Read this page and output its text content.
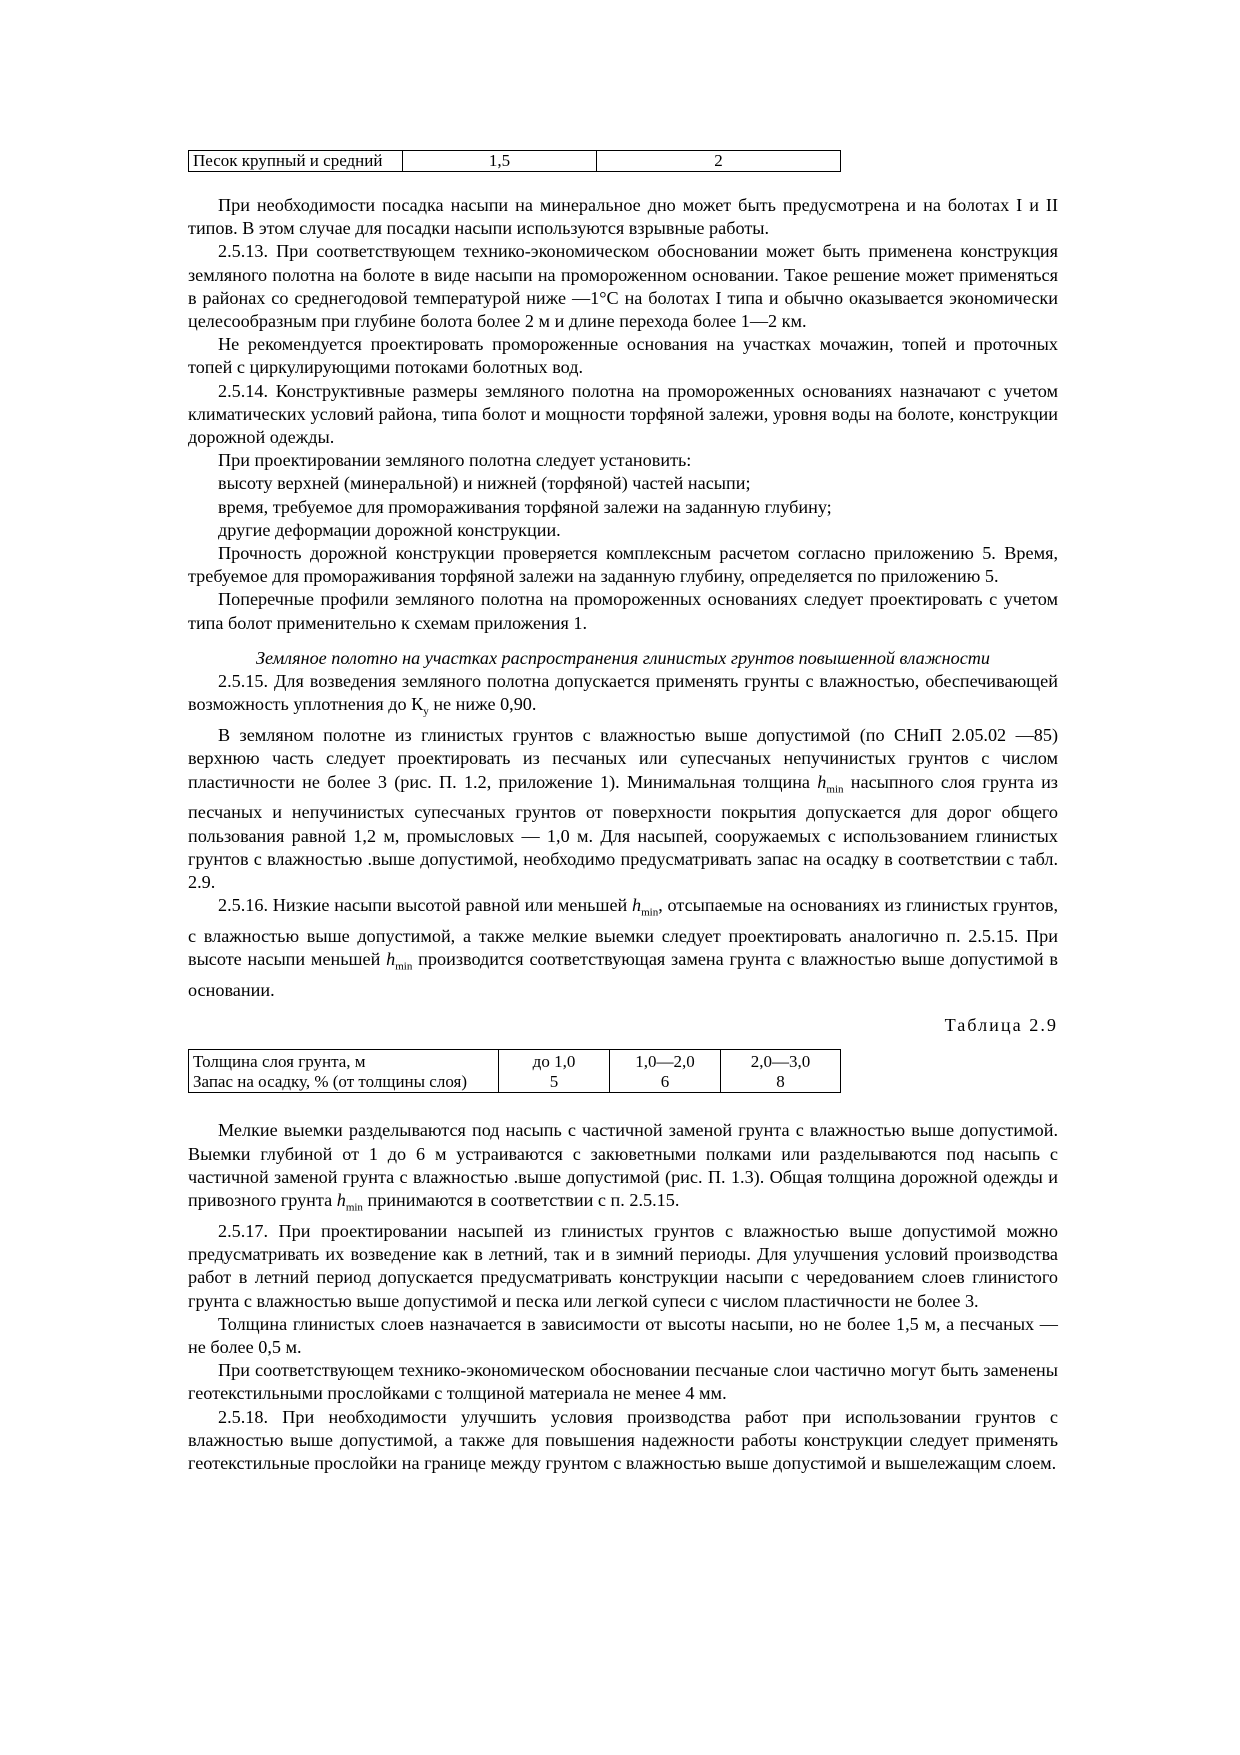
Песок крупный и средний	1,5	2

При необходимости посадка насыпи на минеральное дно может быть предусмотрена и на болотах I и II типов. В этом случае для посадки насыпи используются взрывные работы.

2.5.13. При соответствующем технико-экономическом обосновании может быть применена конструкция земляного полотна на болоте в виде насыпи на промороженном основании. Такое решение может применяться в районах со среднегодовой температурой ниже —1°С на болотах I типа и обычно оказывается экономически целесообразным при глубине болота более 2 м и длине перехода более 1—2 км.

Не рекомендуется проектировать промороженные основания на участках мочажин, топей и проточных топей с циркулирующими потоками болотных вод.

2.5.14. Конструктивные размеры земляного полотна на промороженных основаниях назначают с учетом климатических условий района, типа болот и мощности торфяной залежи, уровня воды на болоте, конструкции дорожной одежды.

При проектировании земляного полотна следует установить:

высоту верхней (минеральной) и нижней (торфяной) частей насыпи;

время, требуемое для промораживания торфяной залежи на заданную глубину;

другие деформации дорожной конструкции.

Прочность дорожной конструкции проверяется комплексным расчетом согласно приложению 5. Время, требуемое для промораживания торфяной залежи на заданную глубину, определяется по приложению 5.

Поперечные профили земляного полотна на промороженных основаниях следует проектировать с учетом типа болот применительно к схемам приложения 1.

Земляное полотно на участках распространения глинистых грунтов повышенной влажности

2.5.15. Для возведения земляного полотна допускается применять грунты с влажностью, обеспечивающей возможность уплотнения до $К_у$ не ниже 0,90.

В земляном полотне из глинистых грунтов с влажностью выше допустимой (по СНиП 2.05.02 —85) верхнюю часть следует проектировать из песчаных или супесчаных непучинистых грунтов с числом пластичности не более 3 (рис. П. 1.2, приложение 1). Минимальная толщина $h_{min}$ насыпного слоя грунта из песчаных и непучинистых супесчаных грунтов от поверхности покрытия допускается для дорог общего пользования равной 1,2 м, промысловых — 1,0 м. Для насыпей, сооружаемых с использованием глинистых грунтов с влажностью .выше допустимой, необходимо предусматривать запас на осадку в соответствии с табл. 2.9.

2.5.16. Низкие насыпи высотой равной или меньшей $h_{min}$, отсыпаемые на основаниях из глинистых грунтов, с влажностью выше допустимой, а также мелкие выемки следует проектировать аналогично п. 2.5.15. При высоте насыпи меньшей $h_{min}$ производится соответствующая замена грунта с влажностью выше допустимой в основании.

Таблица 2.9
Толщина слоя грунта, м	до 1,0	1,0—2,0	2,0—3,0
Запас на осадку, % (от толщины слоя)	5	6	8

Мелкие выемки разделываются под насыпь с частичной заменой грунта с влажностью выше допустимой. Выемки глубиной от 1 до 6 м устраиваются с закюветными полками или разделываются под насыпь с частичной заменой грунта с влажностью .выше допустимой (рис. П. 1.3). Общая толщина дорожной одежды и привозного грунта $h_{min}$ принимаются в соответствии с п. 2.5.15.

2.5.17. При проектировании насыпей из глинистых грунтов с влажностью выше допустимой можно предусматривать их возведение как в летний, так и в зимний периоды. Для улучшения условий производства работ в летний период допускается предусматривать конструкции насыпи с чередованием слоев глинистого грунта с влажностью выше допустимой и песка или легкой супеси с числом пластичности не более 3.

Толщина глинистых слоев назначается в зависимости от высоты насыпи, но не более 1,5 м, а песчаных — не более 0,5 м.

При соответствующем технико-экономическом обосновании песчаные слои частично могут быть заменены геотекстильными прослойками с толщиной материала не менее 4 мм.

2.5.18. При необходимости улучшить условия производства работ при использовании грунтов с влажностью выше допустимой, а также для повышения надежности работы конструкции следует применять геотекстильные прослойки на границе между грунтом с влажностью выше допустимой и вышележащим слоем.
